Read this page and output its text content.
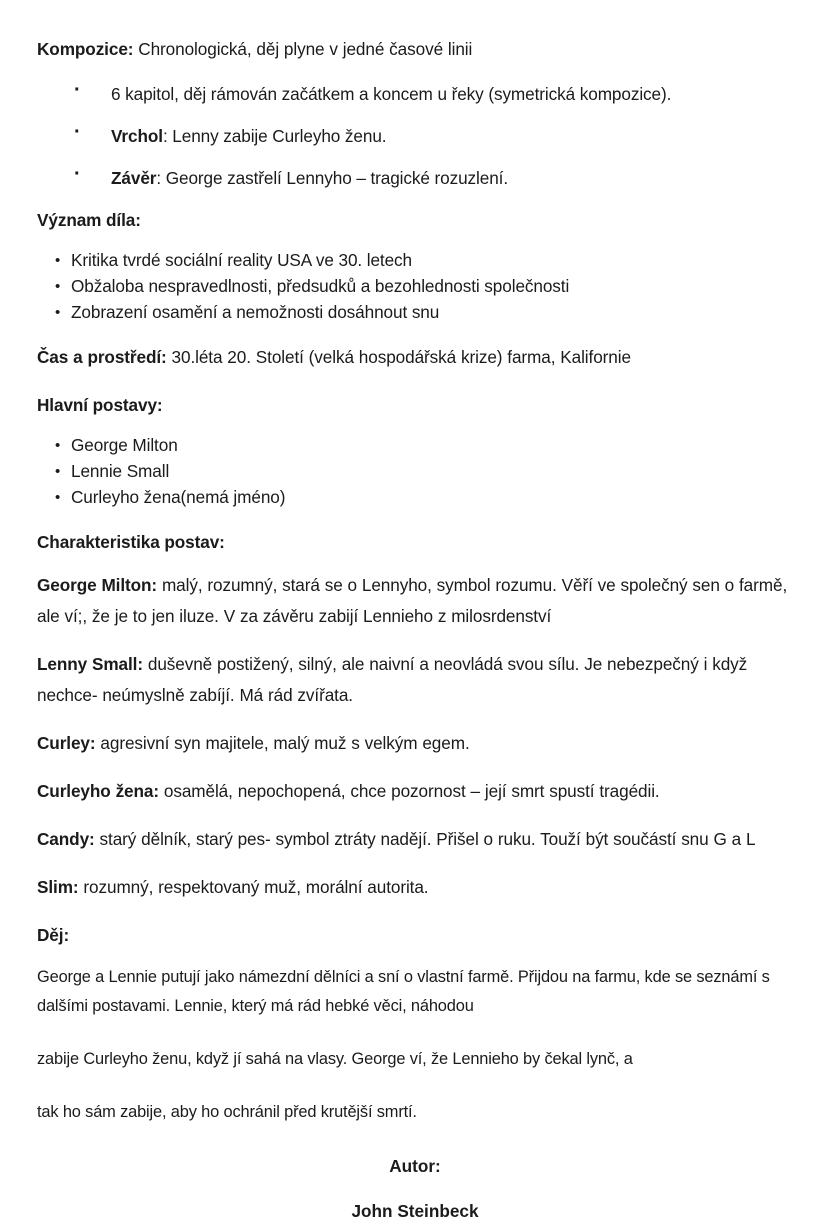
Kompozice: Chronologická, děj plyne v jedné časové linii

· 6 kapitol, děj rámován začátkem a koncem u řeky (symetrická kompozice).
· Vrchol: Lenny zabije Curleyho ženu.
· Závěr: George zastřelí Lennyho – tragické rozuzlení.

Význam díla:

• Kritika tvrdé sociální reality USA ve 30. letech
• Obžaloba nespravedlnosti, předsudků a bezohlednosti společnosti
• Zobrazení osamění a nemožnosti dosáhnout snu

Čas a prostředí: 30.léta 20. Století (velká hospodářská krize) farma, Kalifornie

Hlavní postavy:

• George Milton
• Lennie Small
• Curleyho žena(nemá jméno)

Charakteristika postav:

George Milton: malý, rozumný, stará se o Lennyho, symbol rozumu. Věří ve společný sen o farmě, ale ví;, že je to jen iluze. V za závěru zabijí Lennieho z milosrdenství

Lenny Small: duševně postižený, silný, ale naivní a neovládá svou sílu. Je nebezpečný i když nechce- neúmyslně zabíjí. Má rád zvířata.

Curley: agresivní syn majitele, malý muž s velkým egem.

Curleyho žena: osamělá, nepochopená, chce pozornost – její smrt spustí tragédii.

Candy: starý dělník, starý pes- symbol ztráty nadějí. Přišel o ruku. Touží být součástí snu G a L

Slim: rozumný, respektovaný muž, morální autorita.

Děj:

George a Lennie putují jako námezdní dělníci a sní o vlastní farmě. Přijdou na farmu, kde se seznámí s dalšími postavami. Lennie, který má rád hebké věci, náhodou

zabije Curleyho ženu, když jí sahá na vlasy. George ví, že Lennieho by čekal lynč, a

tak ho sám zabije, aby ho ochránil před krutější smrtí.

Autor:

John Steinbeck
